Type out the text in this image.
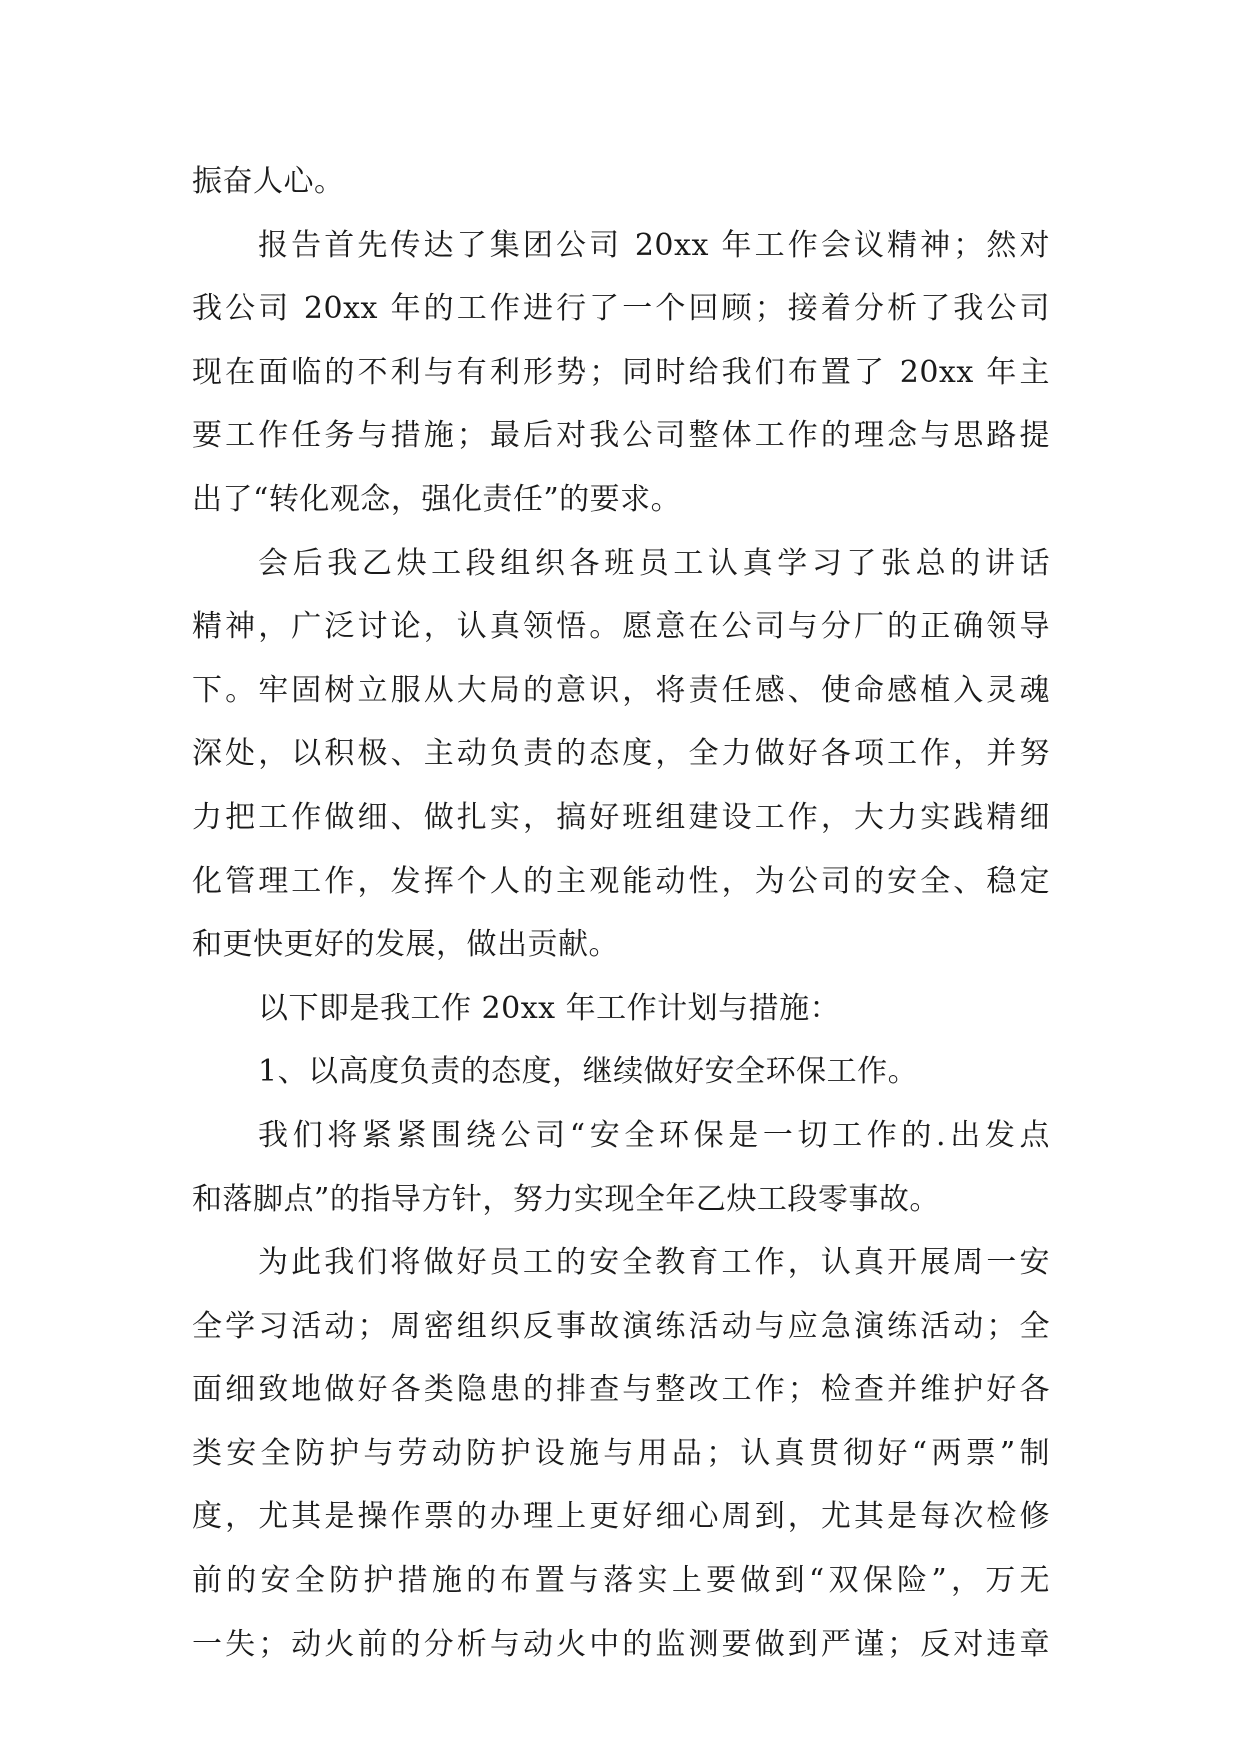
振奋人心。
报告首先传达了集团公司 20xx 年工作会议精神；然对
我公司 20xx 年的工作进行了一个回顾；接着分析了我公司
现在面临的不利与有利形势；同时给我们布置了 20xx 年主
要工作任务与措施；最后对我公司整体工作的理念与思路提
出了“转化观念，强化责任”的要求。
会后我乙炔工段组织各班员工认真学习了张总的讲话
精神，广泛讨论，认真领悟。愿意在公司与分厂的正确领导
下。牢固树立服从大局的意识，将责任感、使命感植入灵魂
深处，以积极、主动负责的态度，全力做好各项工作，并努
力把工作做细、做扎实，搞好班组建设工作，大力实践精细
化管理工作，发挥个人的主观能动性，为公司的安全、稳定
和更快更好的发展，做出贡献。
以下即是我工作 20xx 年工作计划与措施：
1、以高度负责的态度，继续做好安全环保工作。
我们将紧紧围绕公司“安全环保是一切工作的.出发点
和落脚点”的指导方针，努力实现全年乙炔工段零事故。
为此我们将做好员工的安全教育工作，认真开展周一安
全学习活动；周密组织反事故演练活动与应急演练活动；全
面细致地做好各类隐患的排查与整改工作；检查并维护好各
类安全防护与劳动防护设施与用品；认真贯彻好“两票”制
度，尤其是操作票的办理上更好细心周到，尤其是每次检修
前的安全防护措施的布置与落实上要做到“双保险”，万无
一失；动火前的分析与动火中的监测要做到严谨；反对违章
